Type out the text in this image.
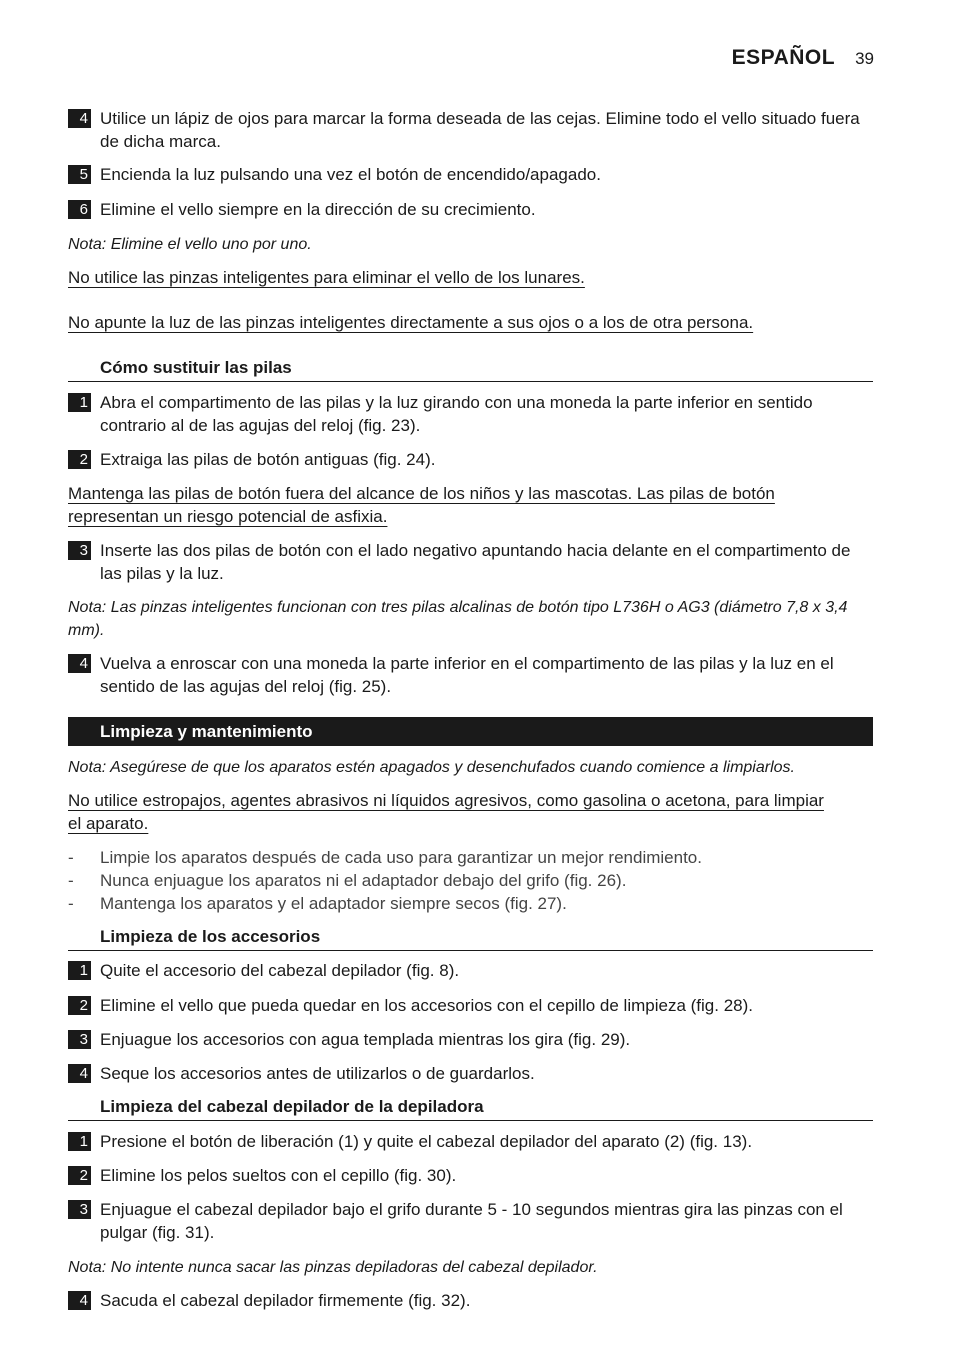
ESPAÑOL 39
4 Utilice un lápiz de ojos para marcar la forma deseada de las cejas. Elimine todo el vello situado fuera de dicha marca.
5 Encienda la luz pulsando una vez el botón de encendido/apagado.
6 Elimine el vello siempre en la dirección de su crecimiento.
Nota: Elimine el vello uno por uno.
No utilice las pinzas inteligentes para eliminar el vello de los lunares.
No apunte la luz de las pinzas inteligentes directamente a sus ojos o a los de otra persona.
Cómo sustituir las pilas
1 Abra el compartimento de las pilas y la luz girando con una moneda la parte inferior en sentido contrario al de las agujas del reloj (fig. 23).
2 Extraiga las pilas de botón antiguas (fig. 24).
Mantenga las pilas de botón fuera del alcance de los niños y las mascotas. Las pilas de botón representan un riesgo potencial de asfixia.
3 Inserte las dos pilas de botón con el lado negativo apuntando hacia delante en el compartimento de las pilas y la luz.
Nota: Las pinzas inteligentes funcionan con tres pilas alcalinas de botón tipo L736H o AG3 (diámetro 7,8 x 3,4 mm).
4 Vuelva a enroscar con una moneda la parte inferior en el compartimento de las pilas y la luz en el sentido de las agujas del reloj (fig. 25).
Limpieza y mantenimiento
Nota: Asegúrese de que los aparatos estén apagados y desenchufados cuando comience a limpiarlos.
No utilice estropajos, agentes abrasivos ni líquidos agresivos, como gasolina o acetona, para limpiar el aparato.
-	Limpie los aparatos después de cada uso para garantizar un mejor rendimiento.
-	Nunca enjuague los aparatos ni el adaptador debajo del grifo (fig. 26).
-	Mantenga los aparatos y el adaptador siempre secos (fig. 27).
Limpieza de los accesorios
1 Quite el accesorio del cabezal depilador (fig. 8).
2 Elimine el vello que pueda quedar en los accesorios con el cepillo de limpieza (fig. 28).
3 Enjuague los accesorios con agua templada mientras los gira (fig. 29).
4 Seque los accesorios antes de utilizarlos o de guardarlos.
Limpieza del cabezal depilador de la depiladora
1 Presione el botón de liberación (1) y quite el cabezal depilador del aparato (2) (fig. 13).
2 Elimine los pelos sueltos con el cepillo (fig. 30).
3 Enjuague el cabezal depilador bajo el grifo durante 5 - 10 segundos mientras gira las pinzas con el pulgar (fig. 31).
Nota: No intente nunca sacar las pinzas depiladoras del cabezal depilador.
4 Sacuda el cabezal depilador firmemente (fig. 32).
